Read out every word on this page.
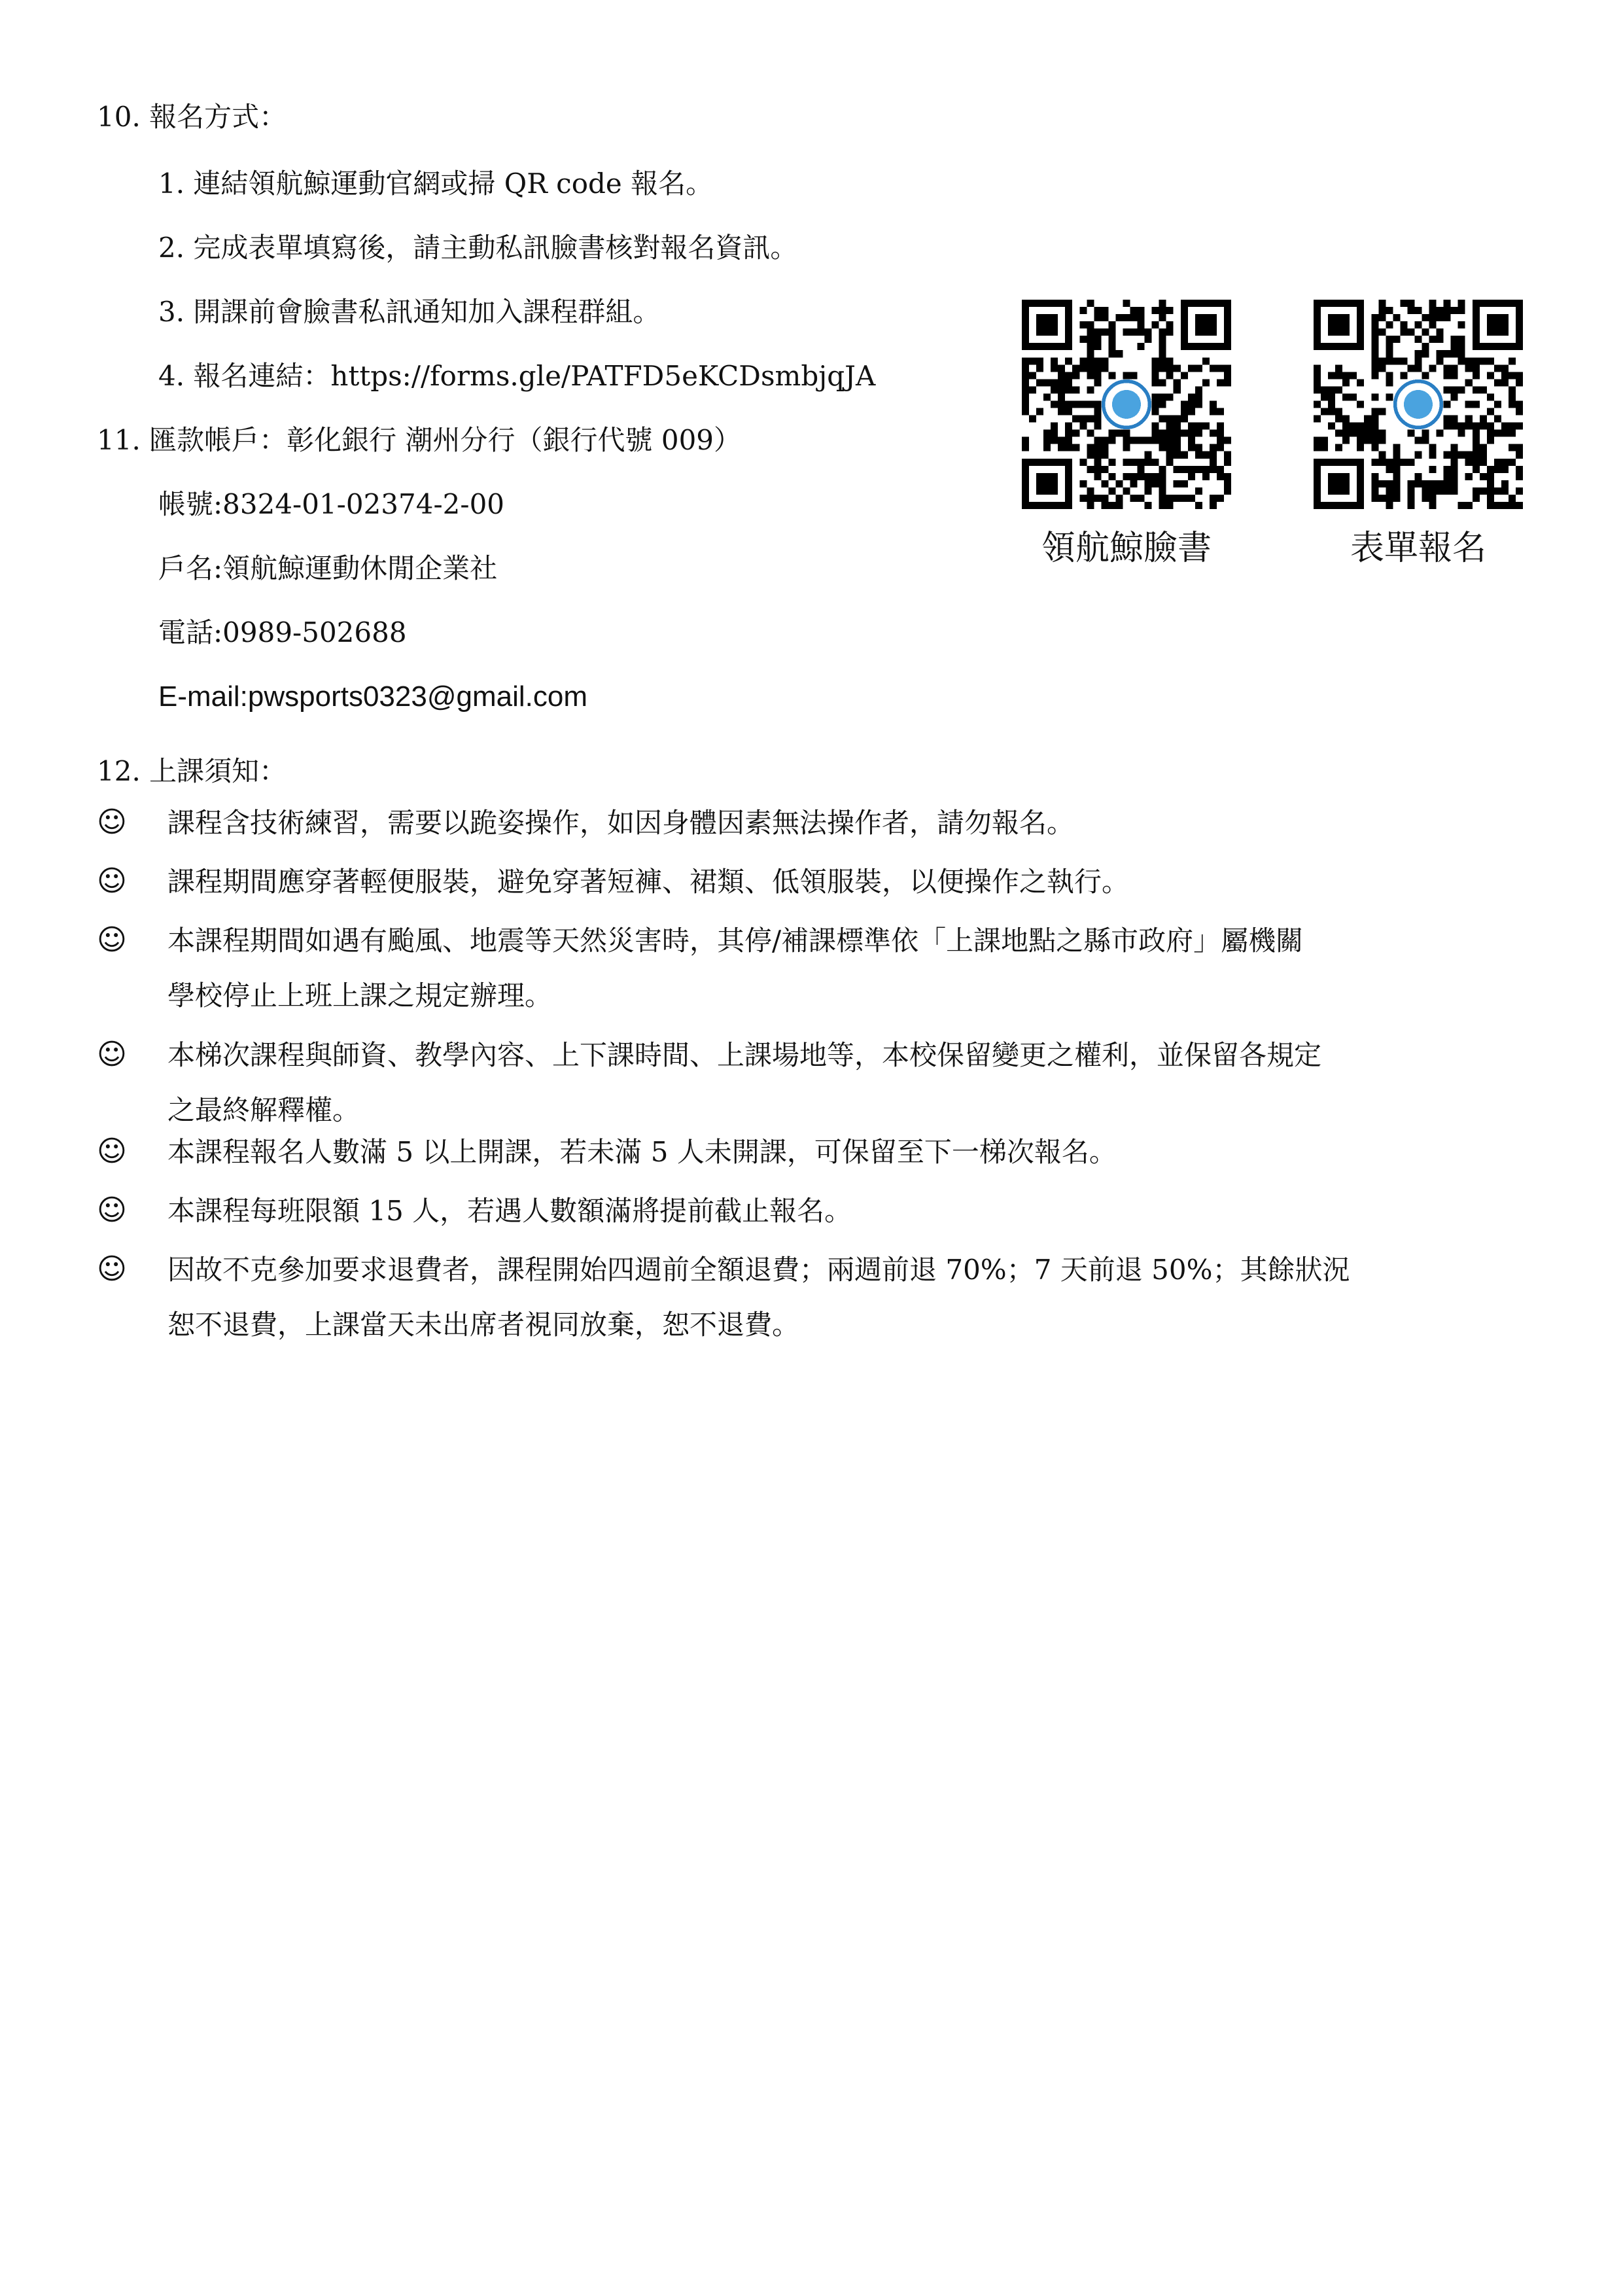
10. 報名方式：
1. 連結領航鯨運動官網或掃 QR code 報名。
2. 完成表單填寫後，請主動私訊臉書核對報名資訊。
3. 開課前會臉書私訊通知加入課程群組。
4. 報名連結：https://forms.gle/PATFD5eKCDsmbjqJA
11. 匯款帳戶：彰化銀行 潮州分行（銀行代號 009）
帳號:8324-01-02374-2-00
戶名:領航鯨運動休閒企業社
電話:0989-502688
E-mail:pwsports0323@gmail.com
領航鯨臉書	表單報名
12. 上課須知：
☺ 課程含技術練習，需要以跪姿操作，如因身體因素無法操作者，請勿報名。
☺ 課程期間應穿著輕便服裝，避免穿著短褲、裙類、低領服裝，以便操作之執行。
☺ 本課程期間如遇有颱風、地震等天然災害時，其停/補課標準依「上課地點之縣市政府」屬機關
學校停止上班上課之規定辦理。
☺ 本梯次課程與師資、教學內容、上下課時間、上課場地等，本校保留變更之權利，並保留各規定
之最終解釋權。
☺ 本課程報名人數滿 5 以上開課，若未滿 5 人未開課，可保留至下一梯次報名。
☺ 本課程每班限額 15 人，若遇人數額滿將提前截止報名。
☺ 因故不克參加要求退費者，課程開始四週前全額退費；兩週前退 70%；7 天前退 50%；其餘狀況
恕不退費，上課當天未出席者視同放棄，恕不退費。
